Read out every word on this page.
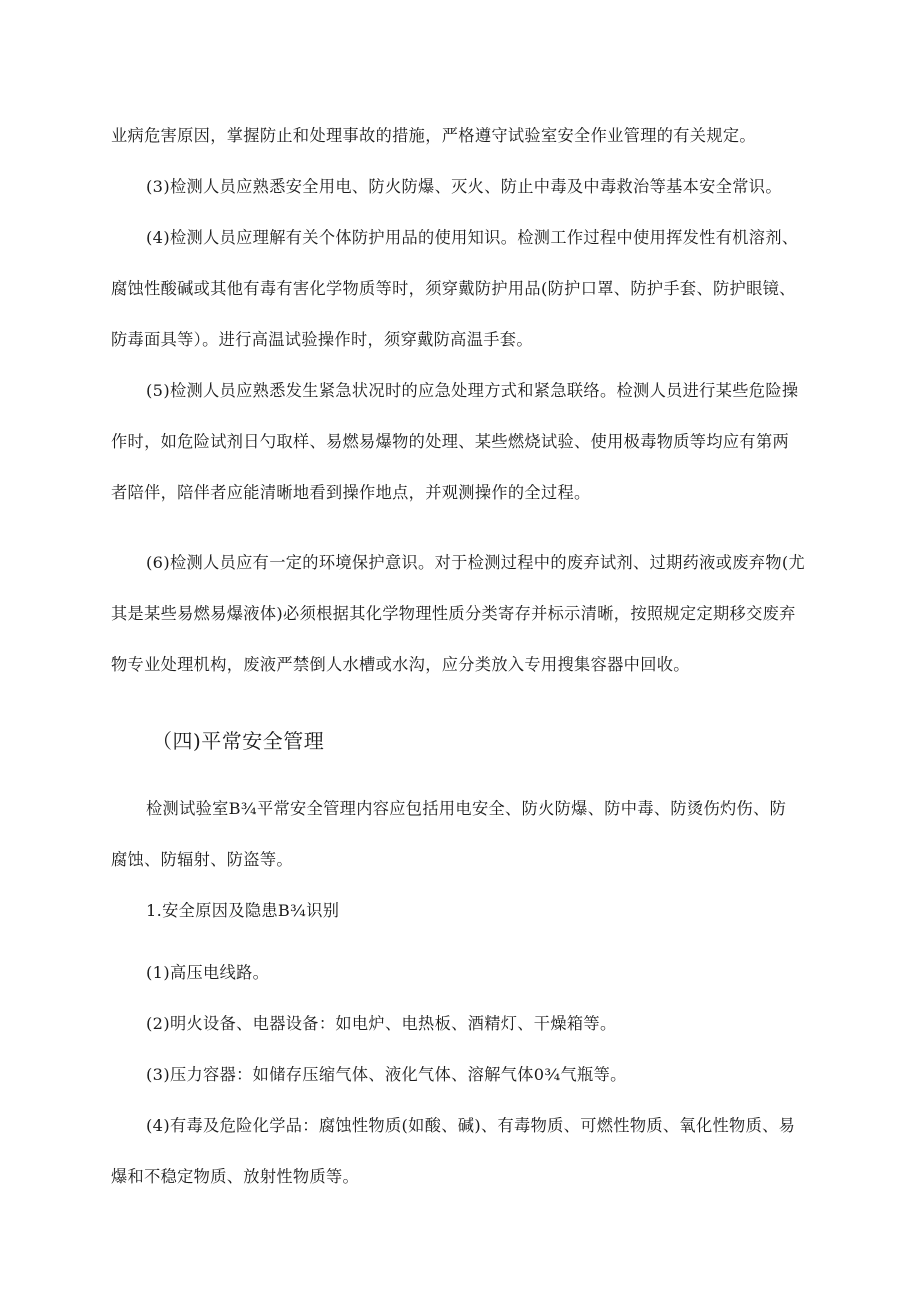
业病危害原因，掌握防止和处理事故的措施，严格遵守试验室安全作业管理的有关规定。
(3)检测人员应熟悉安全用电、防火防爆、灭火、防止中毒及中毒救治等基本安全常识。
(4)检测人员应理解有关个体防护用品的使用知识。检测工作过程中使用挥发性有机溶剂、
腐蚀性酸碱或其他有毒有害化学物质等时，须穿戴防护用品(防护口罩、防护手套、防护眼镜、
防毒面具等）。进行高温试验操作时，须穿戴防高温手套。
(5)检测人员应熟悉发生紧急状况时的应急处理方式和紧急联络。检测人员进行某些危险操
作时，如危险试剂日勺取样、易燃易爆物的处理、某些燃烧试验、使用极毒物质等均应有第两
者陪伴，陪伴者应能清晰地看到操作地点，并观测操作的全过程。
(6)检测人员应有一定的环境保护意识。对于检测过程中的废弃试剂、过期药液或废弃物(尤
其是某些易燃易爆液体)必须根据其化学物理性质分类寄存并标示清晰，按照规定定期移交废弃
物专业处理机构，废液严禁倒人水槽或水沟，应分类放入专用搜集容器中回收。
（四)平常安全管理
检测试验室B¾平常安全管理内容应包括用电安全、防火防爆、防中毒、防烫伤灼伤、防
腐蚀、防辐射、防盗等。
1.安全原因及隐患B¾识别
(1)高压电线路。
(2)明火设备、电器设备：如电炉、电热板、酒精灯、干燥箱等。
(3)压力容器：如储存压缩气体、液化气体、溶解气体0¾气瓶等。
(4)有毒及危险化学品：腐蚀性物质(如酸、碱)、有毒物质、可燃性物质、氧化性物质、易
爆和不稳定物质、放射性物质等。
